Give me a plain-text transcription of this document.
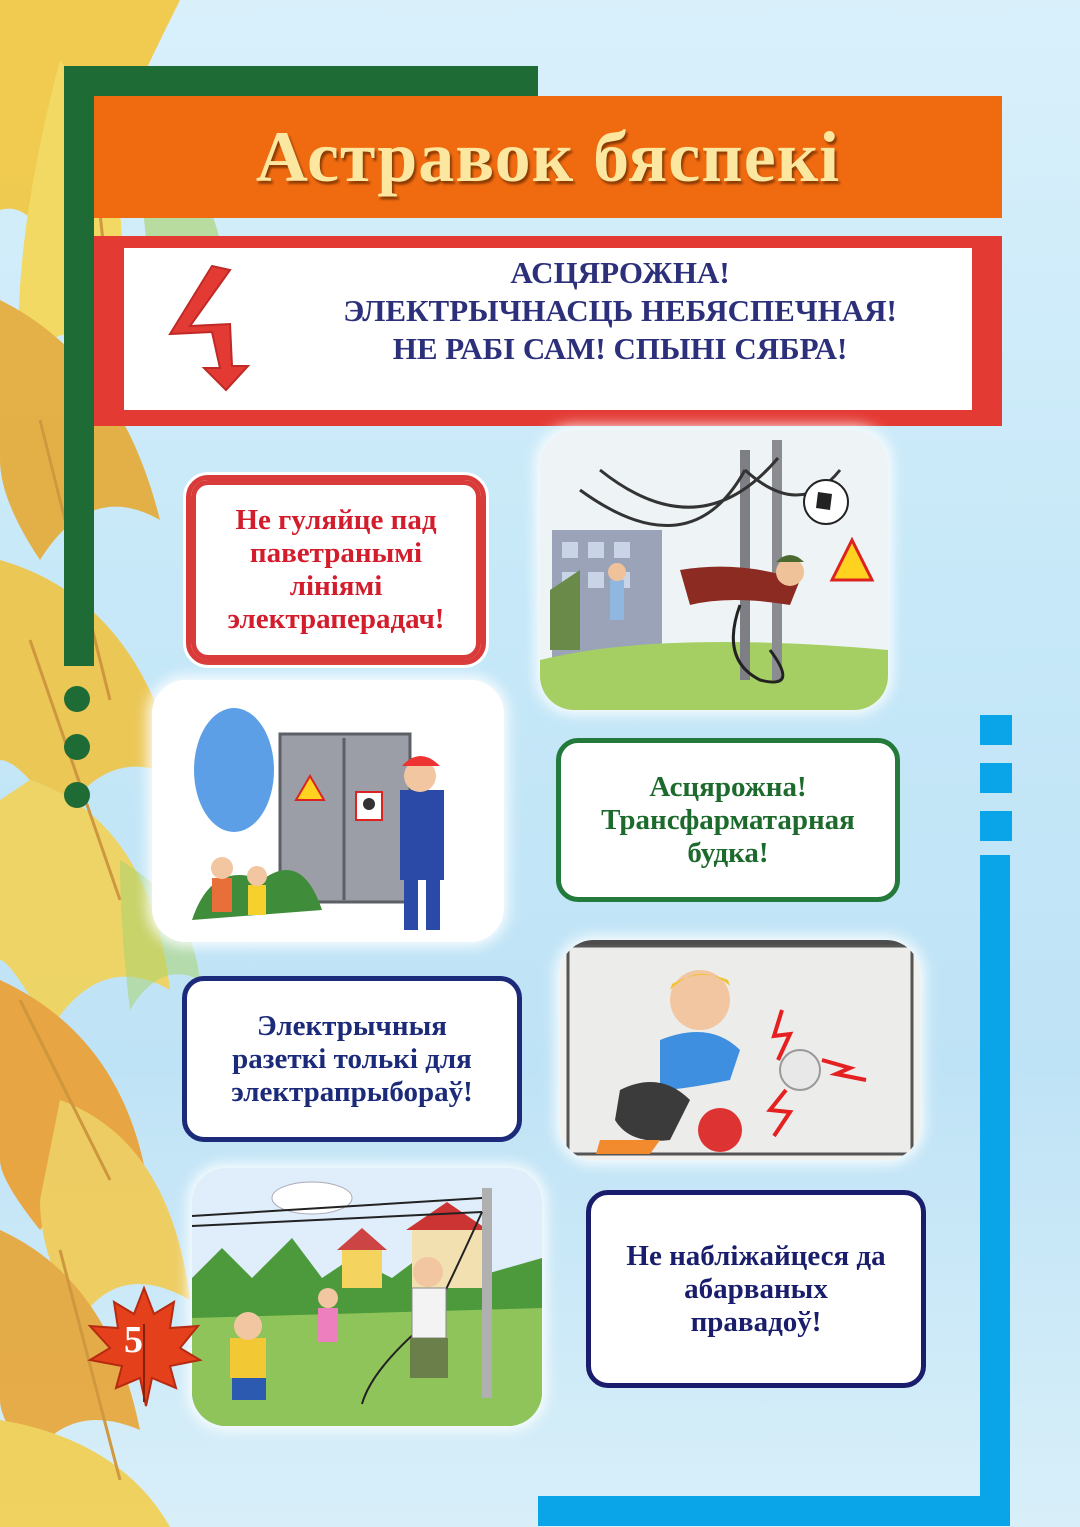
Астравок бяспекі
АСЦЯРОЖНА!
ЭЛЕКТРЫЧНАСЦЬ НЕБЯСПЕЧНАЯ!
НЕ РАБІ САМ! СПЫНІ СЯБРА!
Не гуляйце пад
паветранымі
лініямі
электраперадач!
Асцярожна!
Трансфарматарная
будка!
Электрычныя
разеткі толькі для
электрапрыбораў!
Не набліжайцеся да
абарваных
правадоў!
5
